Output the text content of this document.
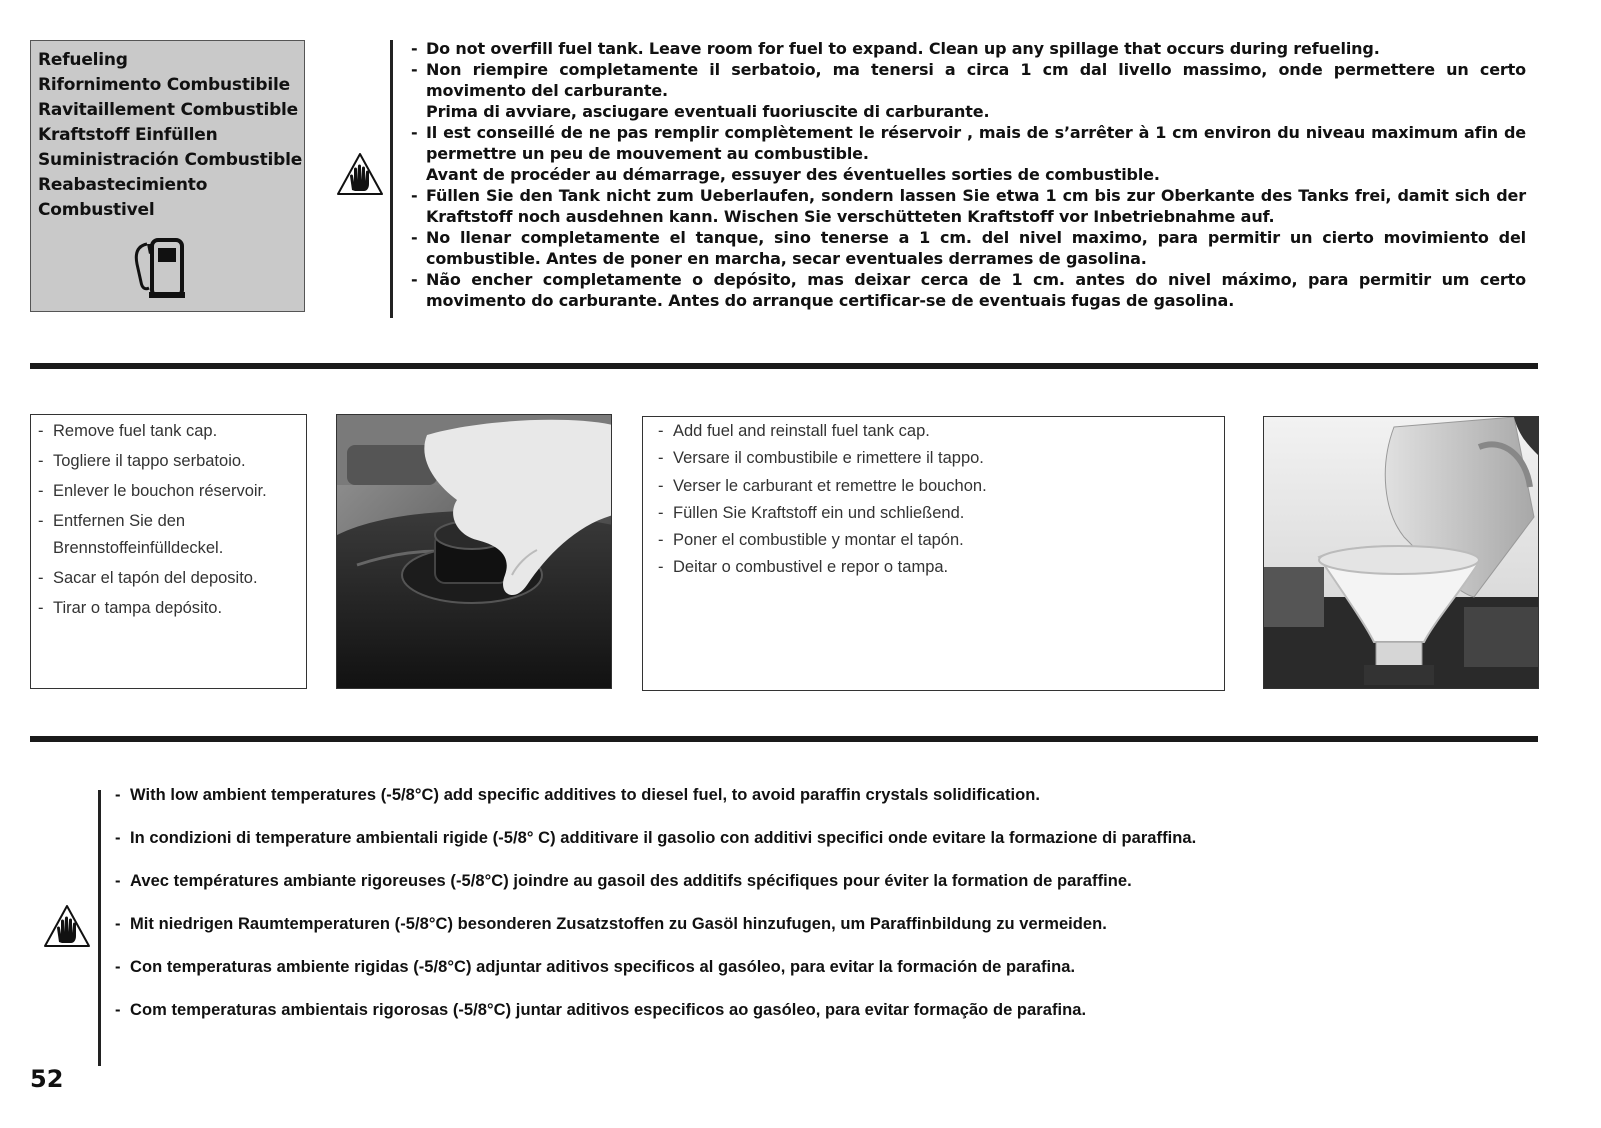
Refueling
Rifornimento Combustibile
Ravitaillement Combustible
Kraftstoff Einfüllen
Suministración Combustible
Reabastecimiento
Combustivel
- Do not overfill fuel tank. Leave room for fuel to expand. Clean up any spillage that occurs during refueling.
- Non riempire completamente il serbatoio, ma tenersi a circa 1 cm dal livello massimo, onde permettere un certo movimento del carburante.
Prima di avviare, asciugare eventuali fuoriuscite di carburante.
- Il est conseillé de ne pas remplir complètement le réservoir , mais de s’arrêter à 1 cm environ du niveau maximum afin de permettre un peu de mouvement au combustible.
Avant de procéder au démarrage, essuyer des éventuelles sorties de combustible.
- Füllen Sie den Tank nicht zum Ueberlaufen, sondern lassen Sie etwa 1 cm bis zur Oberkante des Tanks frei, damit sich der Kraftstoff noch ausdehnen kann. Wischen Sie verschütteten Kraftstoff vor Inbetriebnahme auf.
- No llenar completamente el tanque, sino tenerse a 1 cm. del nivel maximo, para permitir un cierto movimiento del combustible. Antes de poner en marcha, secar eventuales derrames de gasolina.
- Não encher completamente o depósito, mas deixar cerca de 1 cm. antes do nivel máximo, para permitir um certo movimento do carburante. Antes do arranque certificar-se de eventuais fugas de gasolina.
- Remove fuel tank cap.
- Togliere il tappo serbatoio.
- Enlever le bouchon réservoir.
- Entfernen Sie den Brennstoffeinfülldeckel.
- Sacar el tapón del deposito.
- Tirar o tampa depósito.
- Add fuel and reinstall fuel tank cap.
- Versare il combustibile e rimettere il tappo.
- Verser le carburant et remettre le bouchon.
- Füllen Sie Kraftstoff ein und schließend.
- Poner el combustible y montar el tapón.
- Deitar o combustivel e repor o tampa.
- With low ambient temperatures (-5/8°C) add specific additives to diesel fuel, to avoid paraffin crystals solidification.
- In condizioni di temperature ambientali rigide (-5/8° C) additivare il gasolio con additivi specifici onde evitare la formazione di paraffina.
- Avec températures ambiante rigoreuses (-5/8°C) joindre au gasoil des additifs spécifiques pour éviter la formation de paraffine.
- Mit niedrigen Raumtemperaturen (-5/8°C) besonderen Zusatzstoffen zu Gasöl hinzufugen, um Paraffinbildung zu vermeiden.
- Con temperaturas ambiente rigidas (-5/8°C) adjuntar aditivos specificos al gasóleo, para evitar la formación de parafina.
- Com temperaturas ambientais rigorosas (-5/8°C) juntar aditivos especificos ao gasóleo, para evitar formação de parafina.
52
